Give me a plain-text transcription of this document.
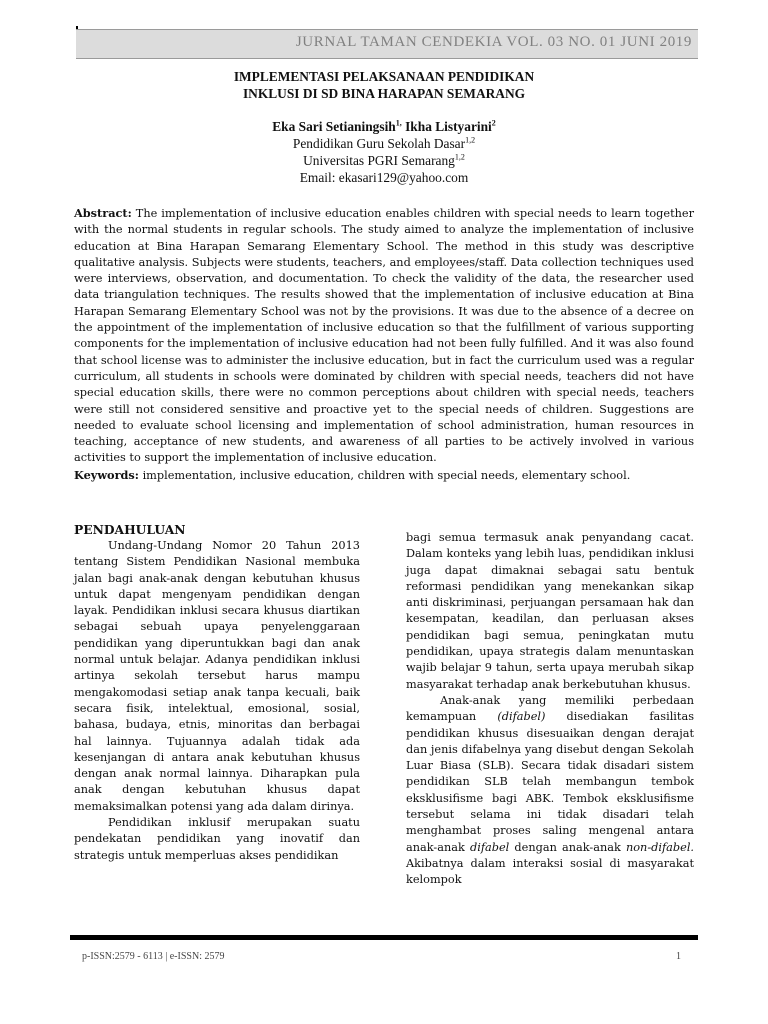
JURNAL TAMAN CENDEKIA VOL. 03 NO. 01 JUNI 2019
IMPLEMENTASI PELAKSANAAN PENDIDIKAN
INKLUSI DI SD BINA HARAPAN SEMARANG
Eka Sari Setianingsih$^{1,}$ Ikha Listyarini$^2$
Pendidikan Guru Sekolah Dasar$^{1,2}$
Universitas PGRI Semarang$^{1,2}$
Email: ekasari129@yahoo.com

Abstract: The implementation of inclusive education enables children with special needs to learn together with the normal students in regular schools. The study aimed to analyze the implementation of inclusive education at Bina Harapan Semarang Elementary School. The method in this study was descriptive qualitative analysis. Subjects were students, teachers, and employees/staff. Data collection techniques used were interviews, observation, and documentation. To check the validity of the data, the researcher used data triangulation techniques. The results showed that the implementation of inclusive education at Bina Harapan Semarang Elementary School was not by the provisions. It was due to the absence of a decree on the appointment of the implementation of inclusive education so that the fulfillment of various supporting components for the implementation of inclusive education had not been fully fulfilled. And it was also found that school license was to administer the inclusive education, but in fact the curriculum used was a regular curriculum, all students in schools were dominated by children with special needs, teachers did not have special education skills, there were no common perceptions about children with special needs, teachers were still not considered sensitive and proactive yet to the special needs of children. Suggestions are needed to evaluate school licensing and implementation of school administration, human resources in teaching, acceptance of new students, and awareness of all parties to be actively involved in various activities to support the implementation of inclusive education.

Keywords: implementation, inclusive education, children with special needs, elementary school.

PENDAHULUAN

Undang-Undang Nomor 20 Tahun 2013 tentang Sistem Pendidikan Nasional membuka jalan bagi anak-anak dengan kebutuhan khusus untuk dapat mengenyam pendidikan dengan layak. Pendidikan inklusi secara khusus diartikan sebagai sebuah upaya penyelenggaraan pendidikan yang diperuntukkan bagi dan anak normal untuk belajar. Adanya pendidikan inklusi artinya sekolah tersebut harus mampu mengakomodasi setiap anak tanpa kecuali, baik secara fisik, intelektual, emosional, sosial, bahasa, budaya, etnis, minoritas dan berbagai hal lainnya. Tujuannya adalah tidak ada kesenjangan di antara anak kebutuhan khusus dengan anak normal lainnya. Diharapkan pula anak dengan kebutuhan khusus dapat memaksimalkan potensi yang ada dalam dirinya.

Pendidikan inklusif merupakan suatu pendekatan pendidikan yang inovatif dan strategis untuk memperluas akses pendidikan

bagi semua termasuk anak penyandang cacat. Dalam konteks yang lebih luas, pendidikan inklusi juga dapat dimaknai sebagai satu bentuk reformasi pendidikan yang menekankan sikap anti diskriminasi, perjuangan persamaan hak dan kesempatan, keadilan, dan perluasan akses pendidikan bagi semua, peningkatan mutu pendidikan, upaya strategis dalam menuntaskan wajib belajar 9 tahun, serta upaya merubah sikap masyarakat terhadap anak berkebutuhan khusus.

Anak-anak yang memiliki perbedaan kemampuan (difabel) disediakan fasilitas pendidikan khusus disesuaikan dengan derajat dan jenis difabelnya yang disebut dengan Sekolah Luar Biasa (SLB). Secara tidak disadari sistem pendidikan SLB telah membangun tembok eksklusifisme bagi ABK. Tembok eksklusifisme tersebut selama ini tidak disadari telah menghambat proses saling mengenal antara anak-anak difabel dengan anak-anak non-difabel. Akibatnya dalam interaksi sosial di masyarakat kelompok

p-ISSN:2579 - 6113 | e-ISSN: 2579	1
